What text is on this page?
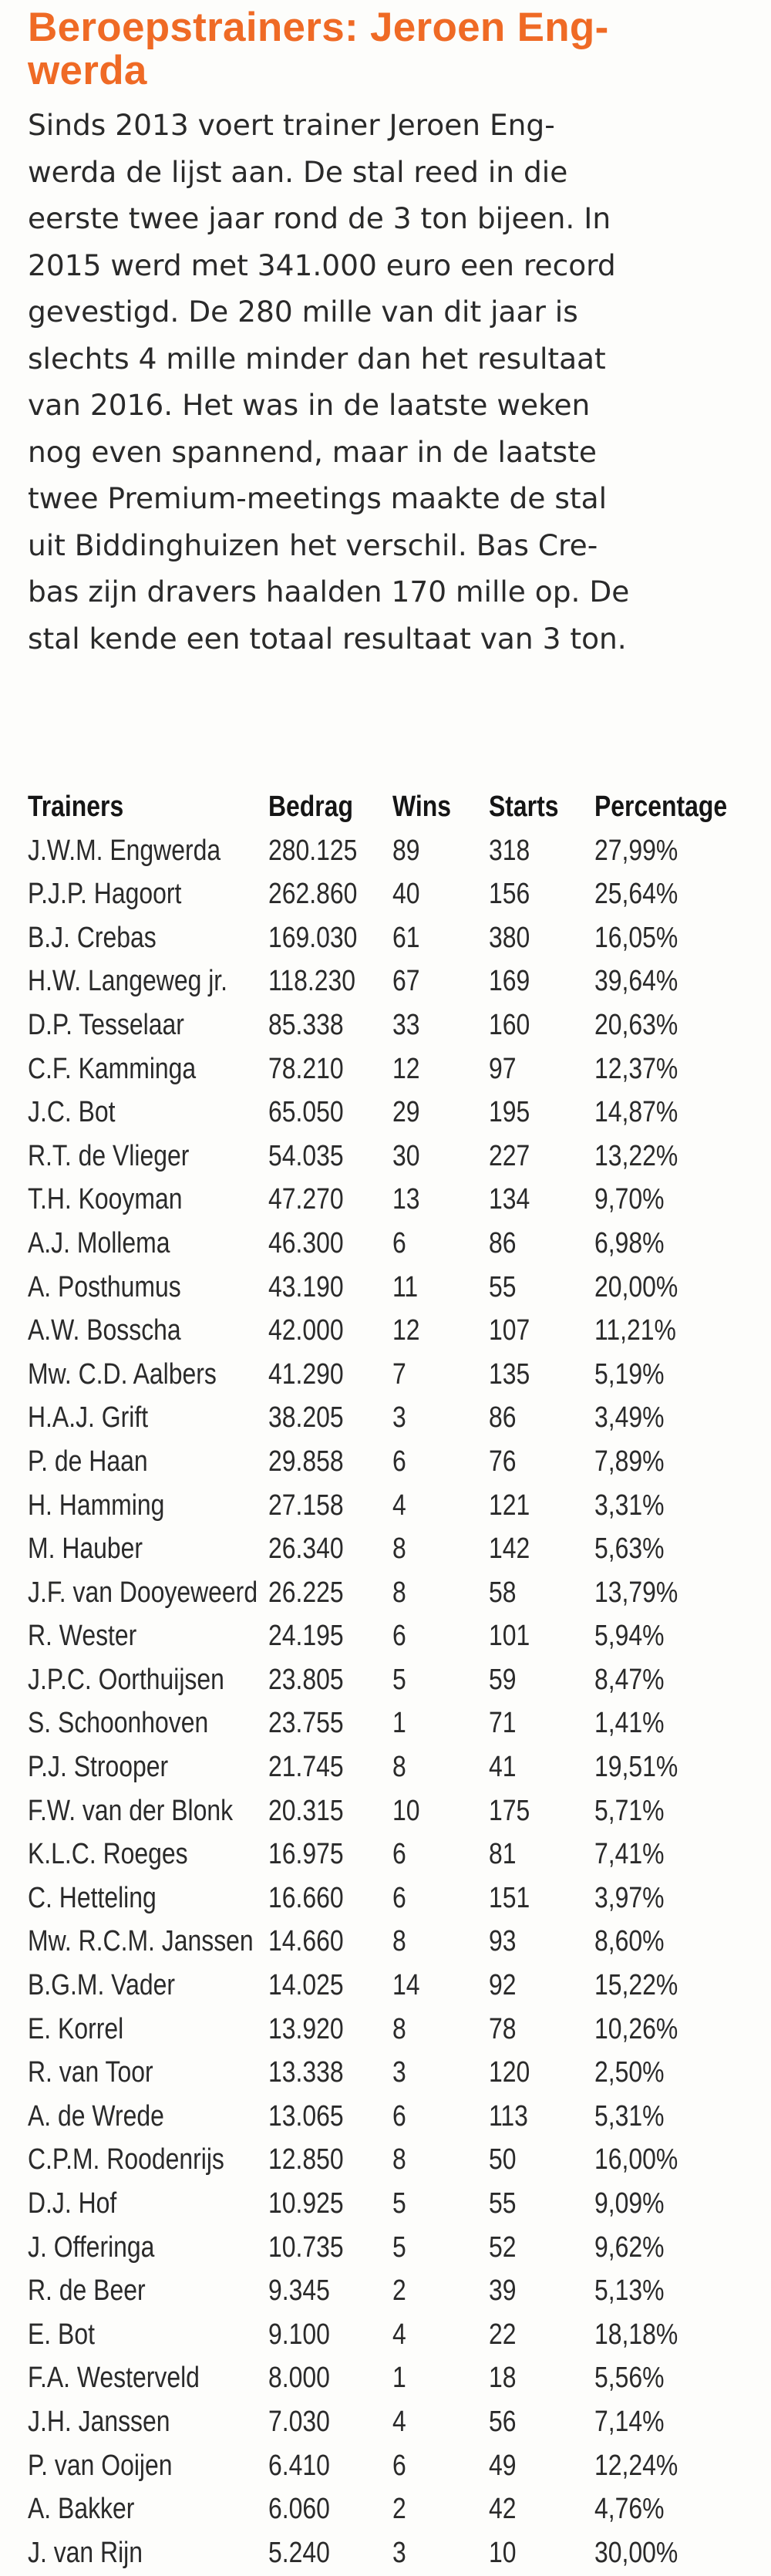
Beroepstrainers: Jeroen Eng-
werda

Sinds 2013 voert trainer Jeroen Eng-
werda de lijst aan. De stal reed in die
eerste twee jaar rond de 3 ton bijeen. In
2015 werd met 341.000 euro een record
gevestigd. De 280 mille van dit jaar is
slechts 4 mille minder dan het resultaat
van 2016. Het was in de laatste weken
nog even spannend, maar in de laatste
twee Premium-meetings maakte de stal
uit Biddinghuizen het verschil. Bas Cre-
bas zijn dravers haalden 170 mille op. De
stal kende een totaal resultaat van 3 ton.

Trainers	Bedrag Wins Starts Percentage
J.W.M. Engwerda 280.125 89 318 27,99%
P.J.P. Hagoort	262.860 40 156 25,64%
B.J. Crebas	169.030 61 380 16,05%
H.W. Langeweg jr. 118.230 67 169 39,64%
D.P. Tesselaar	85.338 33 160 20,63%
C.F. Kamminga 78.210 12 97	12,37%
J.C. Bot	65.050 29 195 14,87%
R.T. de Vlieger	54.035 30 227 13,22%
T.H. Kooyman	47.270 13 134 9,70%
A.J. Mollema	46.300 6	86	6,98%
A. Posthumus	43.190 11 55	20,00%
A.W. Bosscha	42.000 12 107 11,21%
Mw. C.D. Aalbers 41.290 7	135 5,19%
H.A.J. Grift	38.205 3	86	3,49%
P. de Haan	29.858 6	76	7,89%
H. Hamming	27.158 4	121 3,31%
M. Hauber	26.340 8	142 5,63%
J.F. van Dooyeweerd 26.225 8	58	13,79%
R. Wester	24.195 6	101 5,94%
J.P.C. Oorthuijsen 23.805 5	59	8,47%
S. Schoonhoven 23.755 1	71	1,41%
P.J. Strooper	21.745 8	41	19,51%
F.W. van der Blonk 20.315 10 175 5,71%
K.L.C. Roeges	16.975 6	81	7,41%
C. Hetteling	16.660 6	151 3,97%
Mw. R.C.M. Janssen 14.660 8	93	8,60%
B.G.M. Vader	14.025 14 92	15,22%
E. Korrel	13.920 8	78	10,26%
R. van Toor	13.338 3	120 2,50%
A. de Wrede	13.065 6	113 5,31%
C.P.M. Roodenrijs 12.850 8	50	16,00%
D.J. Hof	10.925 5	55	9,09%
J. Offeringa	10.735 5	52	9,62%
R. de Beer	9.345 2	39	5,13%
E. Bot	9.100 4	22	18,18%
F.A. Westerveld 8.000 1	18	5,56%
J.H. Janssen	7.030 4	56	7,14%
P. van Ooijen	6.410 6	49	12,24%
A. Bakker	6.060 2	42	4,76%
J. van Rijn	5.240 3	10	30,00%
